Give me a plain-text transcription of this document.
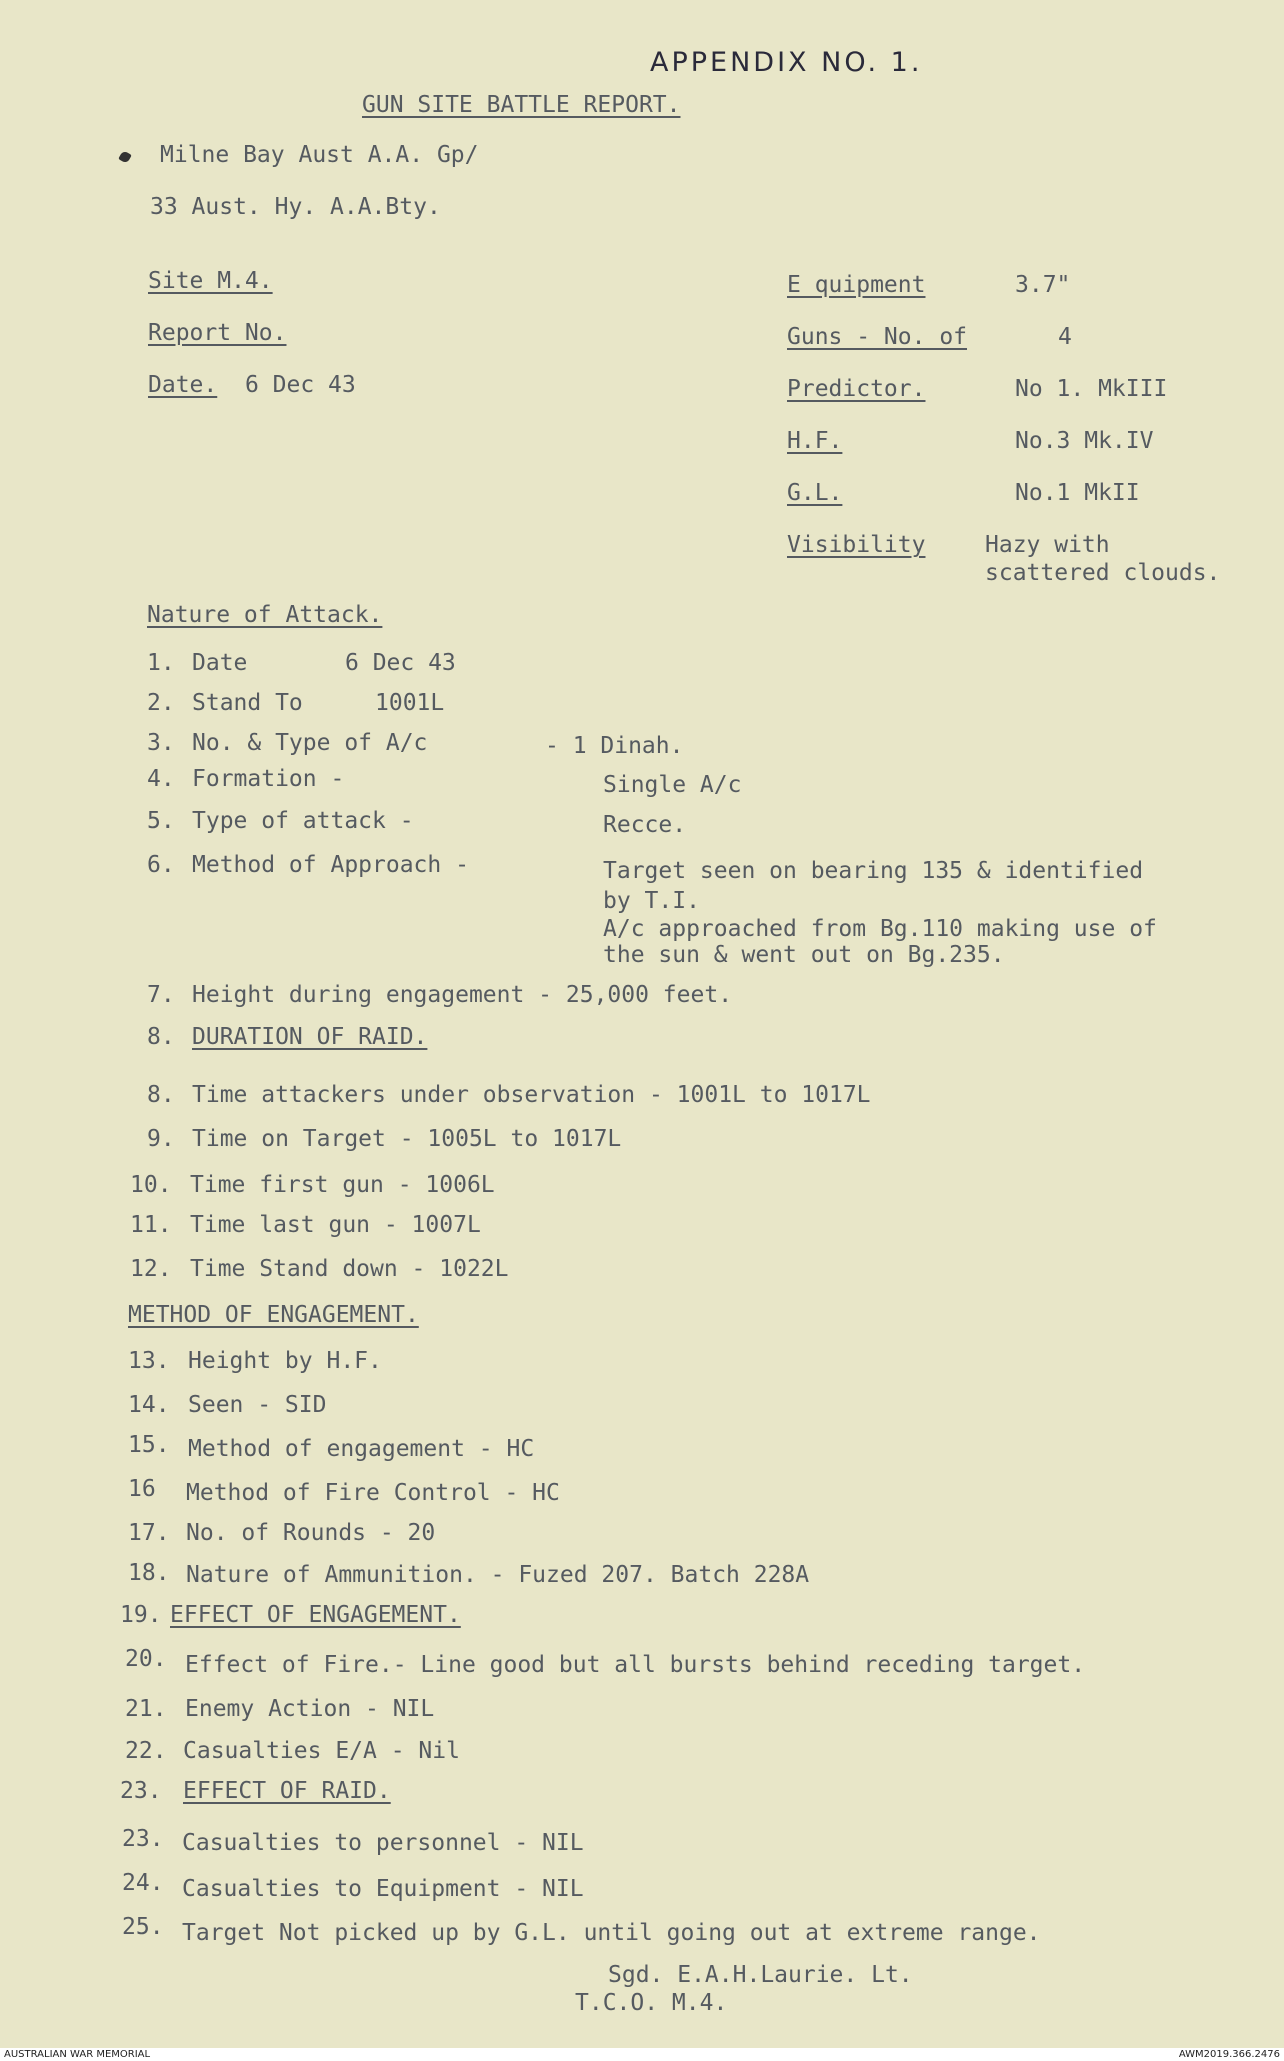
APPENDIX NO. 1.
GUN SITE BATTLE REPORT.
Milne Bay Aust A.A. Gp/
33 Aust. Hy. A.A.Bty.
Site M.4.
Report No.
Date. 6 Dec 43
E quipment	3.7"
Guns - No. of	4
Predictor.	No 1. MkIII
H.F.	No.3 Mk.IV
G.L.	No.1 MkII
Visibility	Hazy with
scattered clouds.
Nature of Attack.
1. Date	6 Dec 43
2. Stand To	1001L
3. No. & Type of A/c	- 1 Dinah.
4. Formation -	Single A/c
5. Type of attack -	Recce.
6. Method of Approach -	Target seen on bearing 135 & identified
by T.I.
A/c approached from Bg.110 making use of
the sun & went out on Bg.235.
7. Height during engagement - 25,000 feet.
8. DURATION OF RAID.
8. Time attackers under observation - 1001L to 1017L
9. Time on Target - 1005L to 1017L
10. Time first gun - 1006L
11. Time last gun - 1007L
12. Time Stand down - 1022L
METHOD OF ENGAGEMENT.
13. Height by H.F.
14. Seen - SID
15. Method of engagement - HC
16 Method of Fire Control - HC
17. No. of Rounds - 20
18. Nature of Ammunition. - Fuzed 207. Batch 228A
19. EFFECT OF ENGAGEMENT.
20. Effect of Fire.- Line good but all bursts behind receding target.
21. Enemy Action - NIL
22. Casualties E/A - Nil
23. EFFECT OF RAID.
23. Casualties to personnel - NIL
24. Casualties to Equipment - NIL
25. Target Not picked up by G.L. until going out at extreme range.
Sgd. E.A.H.Laurie. Lt.
T.C.O. M.4.
AUSTRALIAN WAR MEMORIAL	AWM2019.366.2476
